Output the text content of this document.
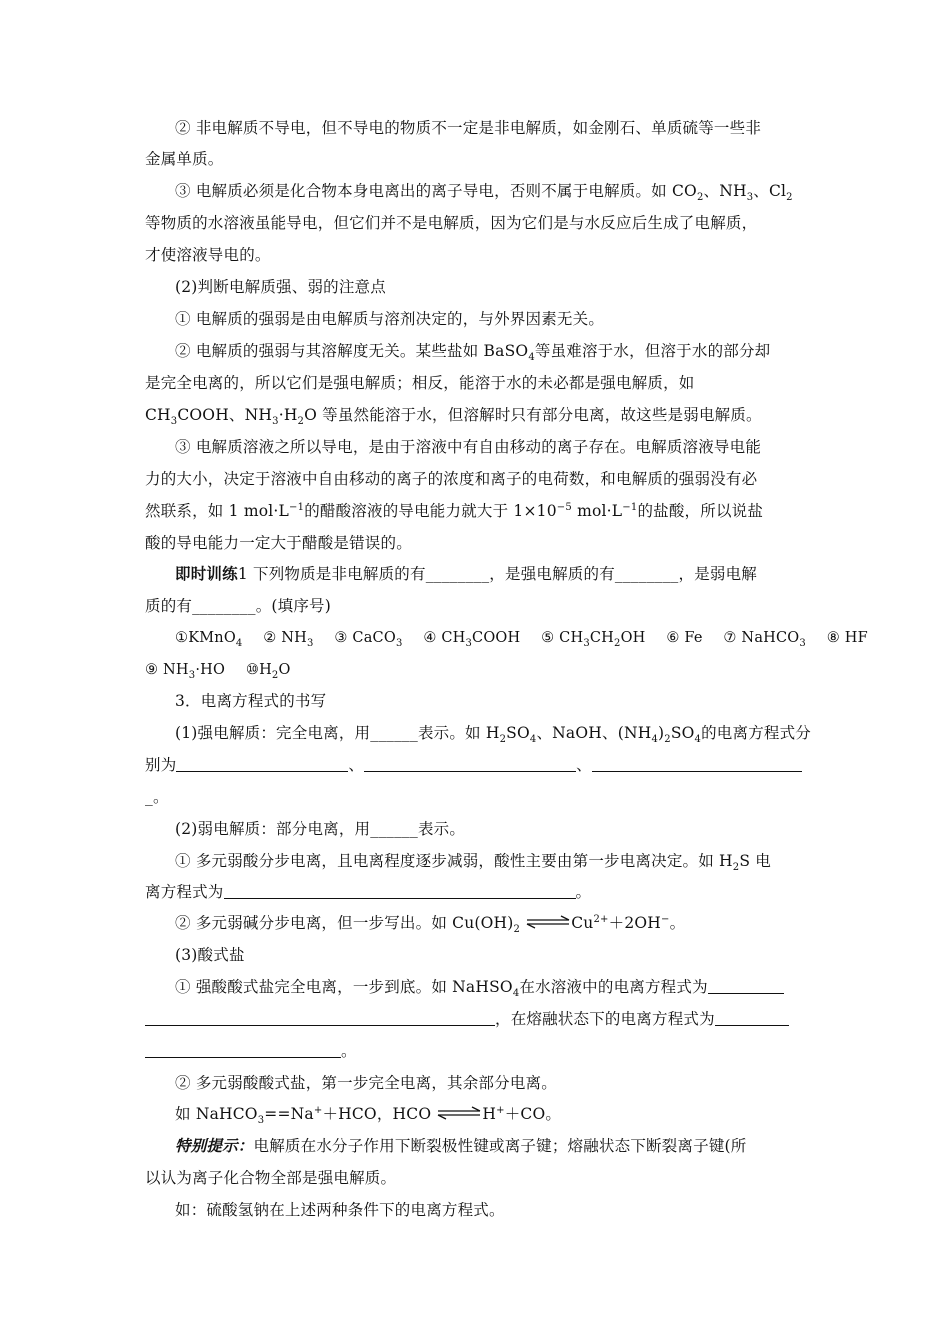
② 非电解质不导电，但不导电的物质不一定是非电解质，如金刚石、单质硫等一些非
金属单质。
③ 电解质必须是化合物本身电离出的离子导电，否则不属于电解质。如 $CO_2$、$NH_3$、$Cl_2$
等物质的水溶液虽能导电，但它们并不是电解质，因为它们是与水反应后生成了电解质，
才使溶液导电的。
(2)判断电解质强、弱的注意点
① 电解质的强弱是由电解质与溶剂决定的，与外界因素无关。
② 电解质的强弱与其溶解度无关。某些盐如 BaSO$_4$等虽难溶于水，但溶于水的部分却
是完全电离的，所以它们是强电解质；相反，能溶于水的未必都是强电解质，如
$CH_3COOH$、$NH_3\cdot H_2O$ 等虽然能溶于水，但溶解时只有部分电离，故这些是弱电解质。
③ 电解质溶液之所以导电，是由于溶液中有自由移动的离子存在。电解质溶液导电能
力的大小，决定于溶液中自由移动的离子的浓度和离子的电荷数，和电解质的强弱没有必
然联系，如 1 $mol\cdot L^{-1}$的醋酸溶液的导电能力就大于 $1\times 10^{-5}$ $mol\cdot L^{-1}$的盐酸，所以说盐
酸的导电能力一定大于醋酸是错误的。
即时训练1 下列物质是非电解质的有________，是强电解质的有________，是弱电解
质的有________。(填序号)
①KMnO$_4$ ② $NH_3$ ③ CaCO$_3$ ④ $CH_3COOH$ ⑤ $CH_3CH_2OH$ ⑥ Fe ⑦ NaHCO$_3$ ⑧ HF
⑨ $NH_3\cdot HO$ $⑩H_2O$
3．电离方程式的书写
(1)强电解质：完全电离，用______表示。如 $H_2SO_4$、NaOH、$(NH_4)_2SO_4$的电离方程式分
别为	、	、
_。
(2)弱电解质：部分电离，用______表示。
① 多元弱酸分步电离，且电离程度逐步减弱，酸性主要由第一步电离决定。如 $H_2S$ 电
离方程式为	。
② 多元弱碱分步电离，但一步写出。如 $Cu(OH)_2$ $\rightleftharpoons Cu^{2+}+2OH^-$。
(3)酸式盐
① 强酸酸式盐完全电离，一步到底。如 NaHSO$_4$在水溶液中的电离方程式为
，在熔融状态下的电离方程式为
。
② 多元弱酸酸式盐，第一步完全电离，其余部分电离。
如 NaHCO$_3$==Na+＋HCO，HCO ⇌H+＋CO。
特别提示：电解质在水分子作用下断裂极性键或离子键；熔融状态下断裂离子键(所
以认为离子化合物全部是强电解质。
如：硫酸氢钠在上述两种条件下的电离方程式。
